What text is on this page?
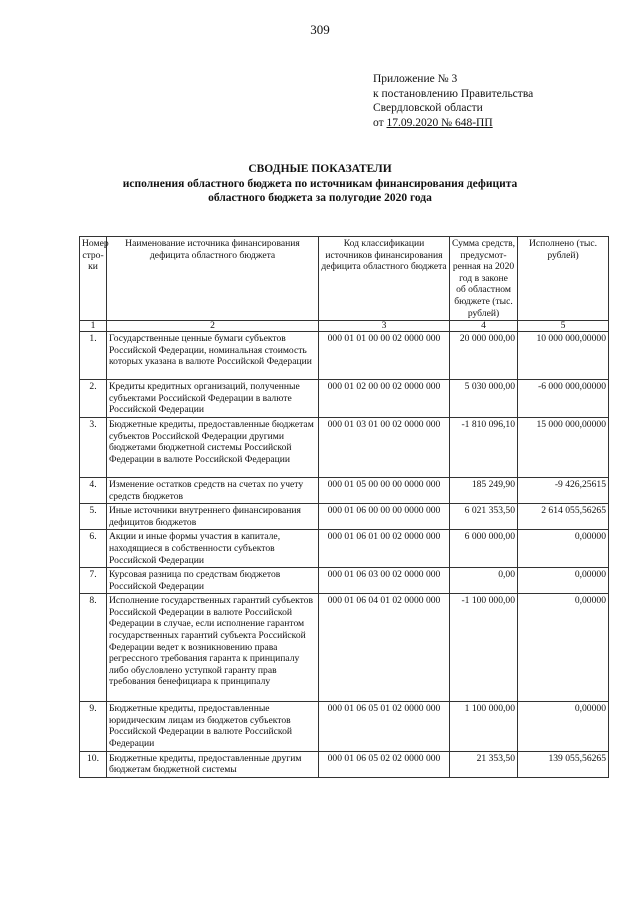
309
Приложение № 3
к постановлению Правительства
Свердловской области
от 17.09.2020 № 648-ПП
СВОДНЫЕ ПОКАЗАТЕЛИ
исполнения областного бюджета по источникам финансирования дефицита
областного бюджета за полугодие 2020 года
Номер
стро-
ки	Наименование источника финансирования дефицита областного бюджета	Код классификации источников финансирования дефицита областного бюджета	Сумма средств, предусмот-ренная на 2020 год в законе об областном бюджете (тыс. рублей)	Исполнено (тыс. рублей)
1	2	3	4	5
1.	Государственные ценные бумаги субъектов Российской Федерации, номинальная стоимость которых указана в валюте Российской Федерации	000 01 01 00 00 02 0000 000	20 000 000,00	10 000 000,00000
2.	Кредиты кредитных организаций, полученные субъектами Российской Федерации в валюте Российской Федерации	000 01 02 00 00 02 0000 000	5 030 000,00	-6 000 000,00000
3.	Бюджетные кредиты, предоставленные бюджетам субъектов Российской Федерации другими бюджетами бюджетной системы Российской Федерации в валюте Российской Федерации	000 01 03 01 00 02 0000 000	-1 810 096,10	15 000 000,00000
4.	Изменение остатков средств на счетах по учету средств бюджетов	000 01 05 00 00 00 0000 000	185 249,90	-9 426,25615
5.	Иные источники внутреннего финансирования дефицитов бюджетов	000 01 06 00 00 00 0000 000	6 021 353,50	2 614 055,56265
6.	Акции и иные формы участия в капитале, находящиеся в собственности субъектов Российской Федерации	000 01 06 01 00 02 0000 000	6 000 000,00	0,00000
7.	Курсовая разница по средствам бюджетов Российской Федерации	000 01 06 03 00 02 0000 000	0,00	0,00000
8.	Исполнение государственных гарантий субъектов Российской Федерации в валюте Российской Федерации в случае, если исполнение гарантом государственных гарантий субъекта Российской Федерации ведет к возникновению права регрессного требования гаранта к принципалу либо обусловлено уступкой гаранту прав требования бенефициара к принципалу	000 01 06 04 01 02 0000 000	-1 100 000,00	0,00000
9.	Бюджетные кредиты, предоставленные юридическим лицам из бюджетов субъектов Российской Федерации в валюте Российской Федерации	000 01 06 05 01 02 0000 000	1 100 000,00	0,00000
10.	Бюджетные кредиты, предоставленные другим бюджетам бюджетной системы	000 01 06 05 02 02 0000 000	21 353,50	139 055,56265
